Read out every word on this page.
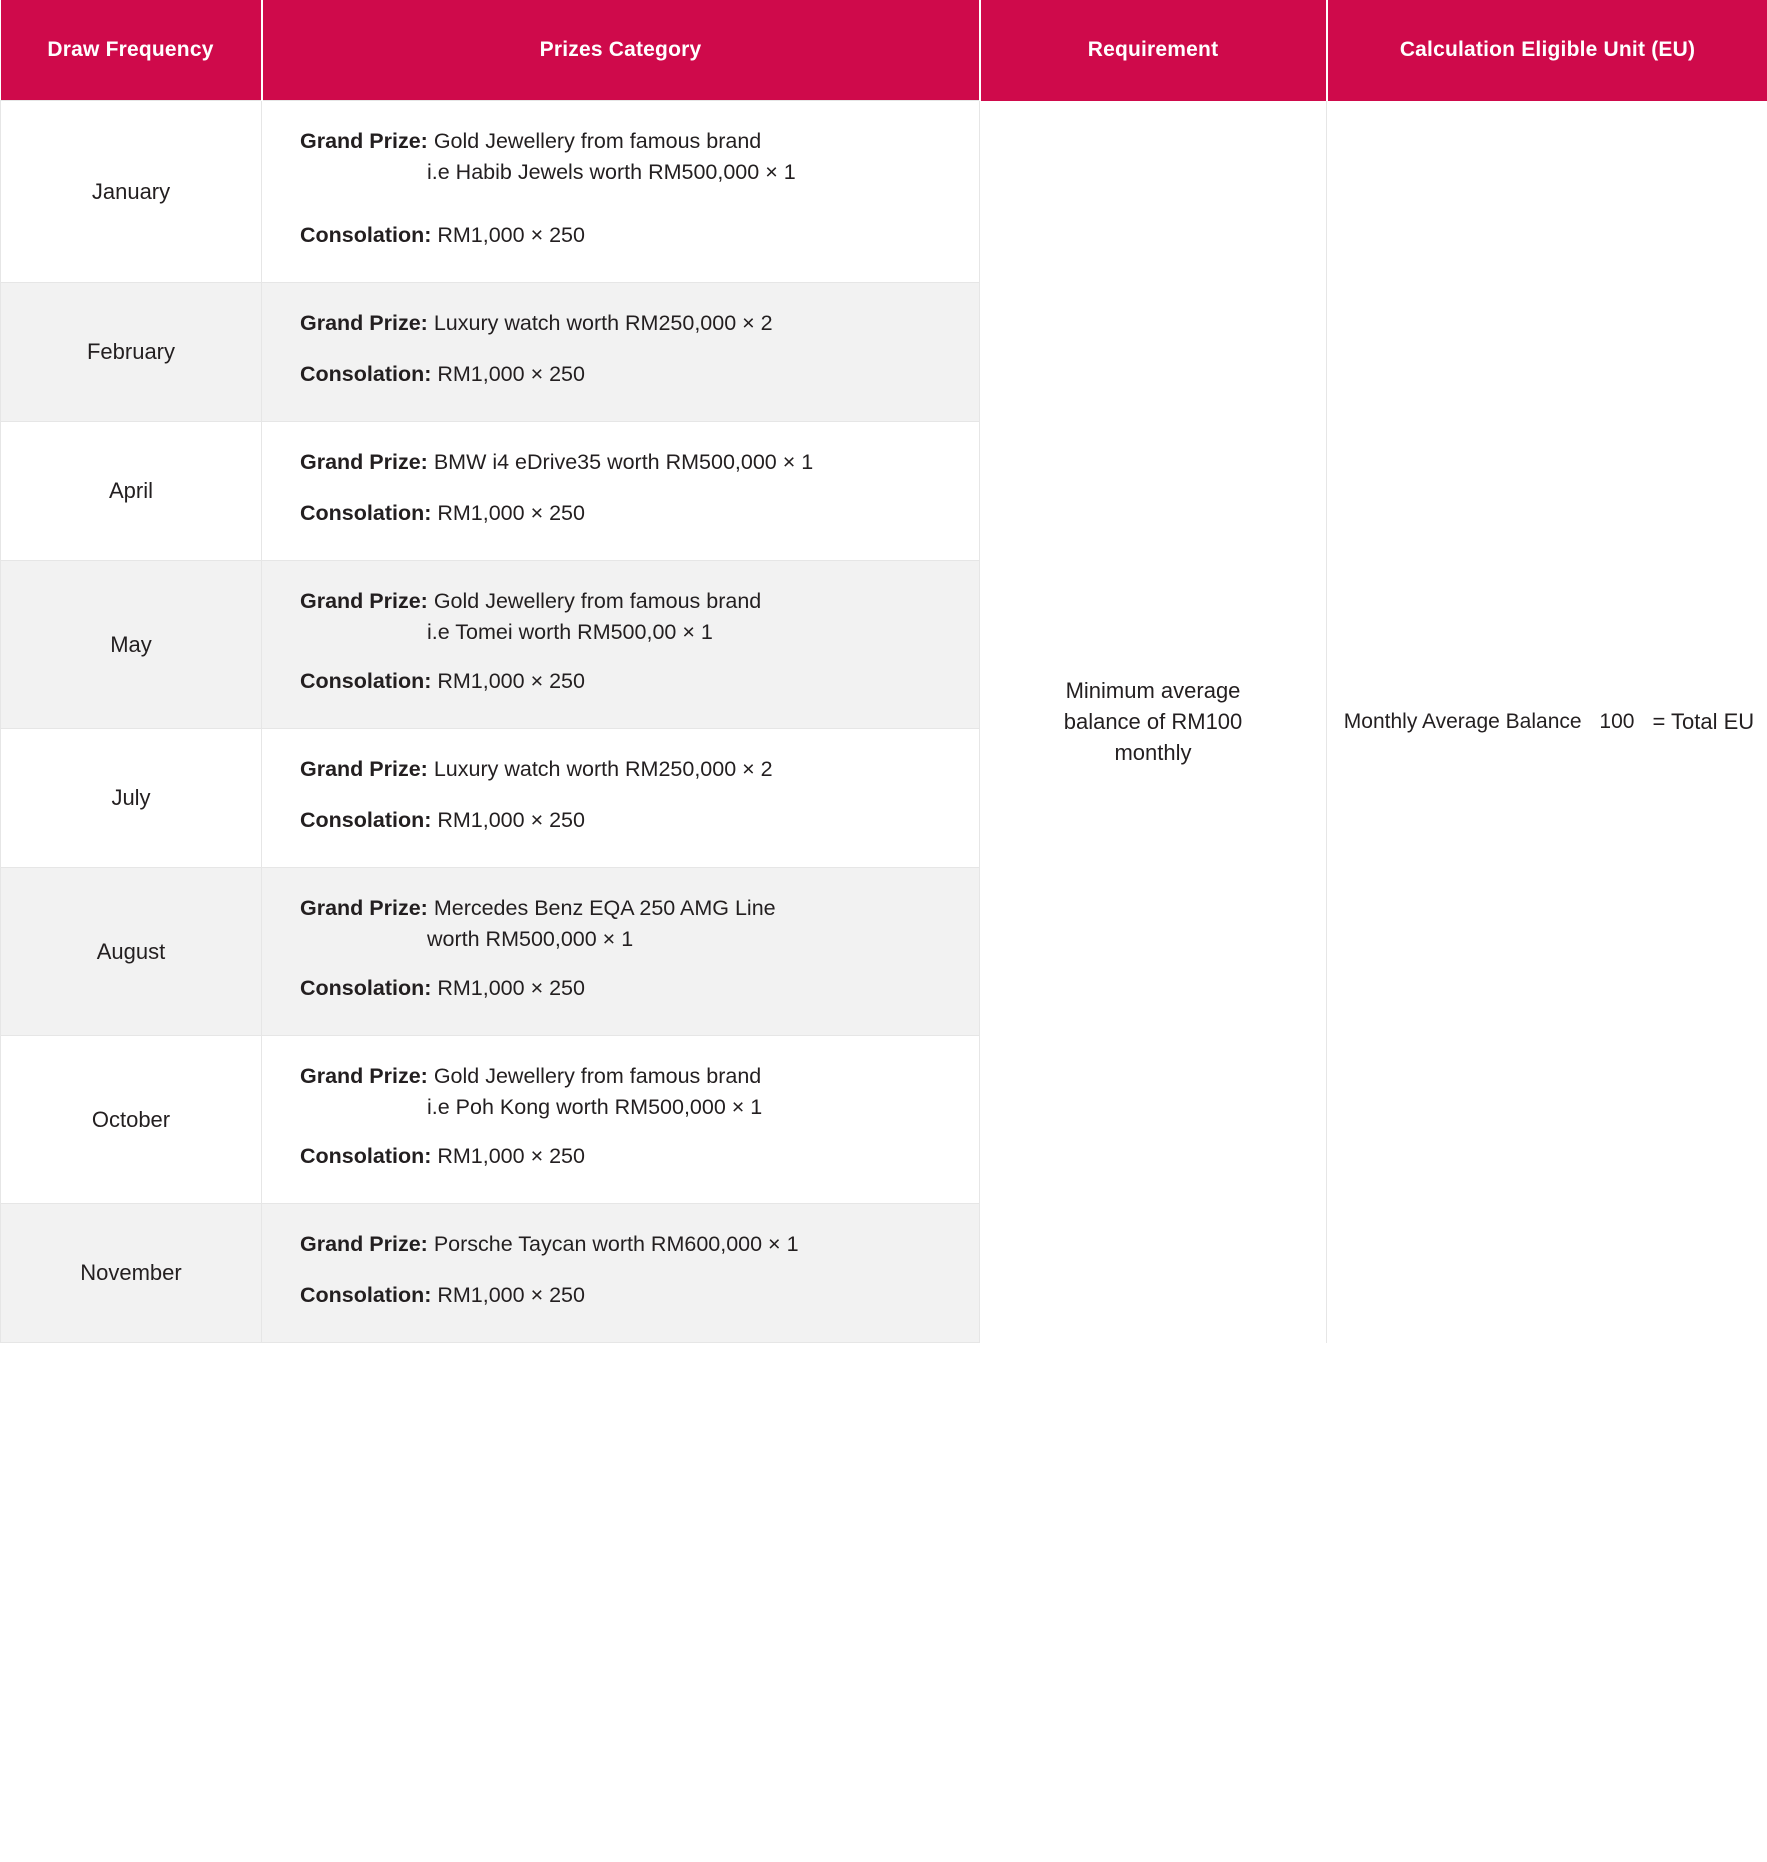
Draw Frequency	Prizes Category	Requirement	Calculation Eligible Unit (EU)
January	Grand Prize: Gold Jewellery from famous brand
i.e Habib Jewels worth RM500,000 × 1
Consolation: RM1,000 × 250	Minimum average balance of RM100 monthly	Monthly Average Balance 100 = Total EU

February	Grand Prize: Luxury watch worth RM250,000 × 2
Consolation: RM1,000 × 250		

April	Grand Prize: BMW i4 eDrive35 worth RM500,000 × 1
Consolation: RM1,000 × 250		

May	Grand Prize: Gold Jewellery from famous brand
i.e Tomei worth RM500,00 × 1
Consolation: RM1,000 × 250		

July	Grand Prize: Luxury watch worth RM250,000 × 2
Consolation: RM1,000 × 250		

August	Grand Prize: Mercedes Benz EQA 250 AMG Line
worth RM500,000 × 1
Consolation: RM1,000 × 250		

October	Grand Prize: Gold Jewellery from famous brand
i.e Poh Kong worth RM500,000 × 1
Consolation: RM1,000 × 250		

November	Grand Prize: Porsche Taycan worth RM600,000 × 1
Consolation: RM1,000 × 250		
